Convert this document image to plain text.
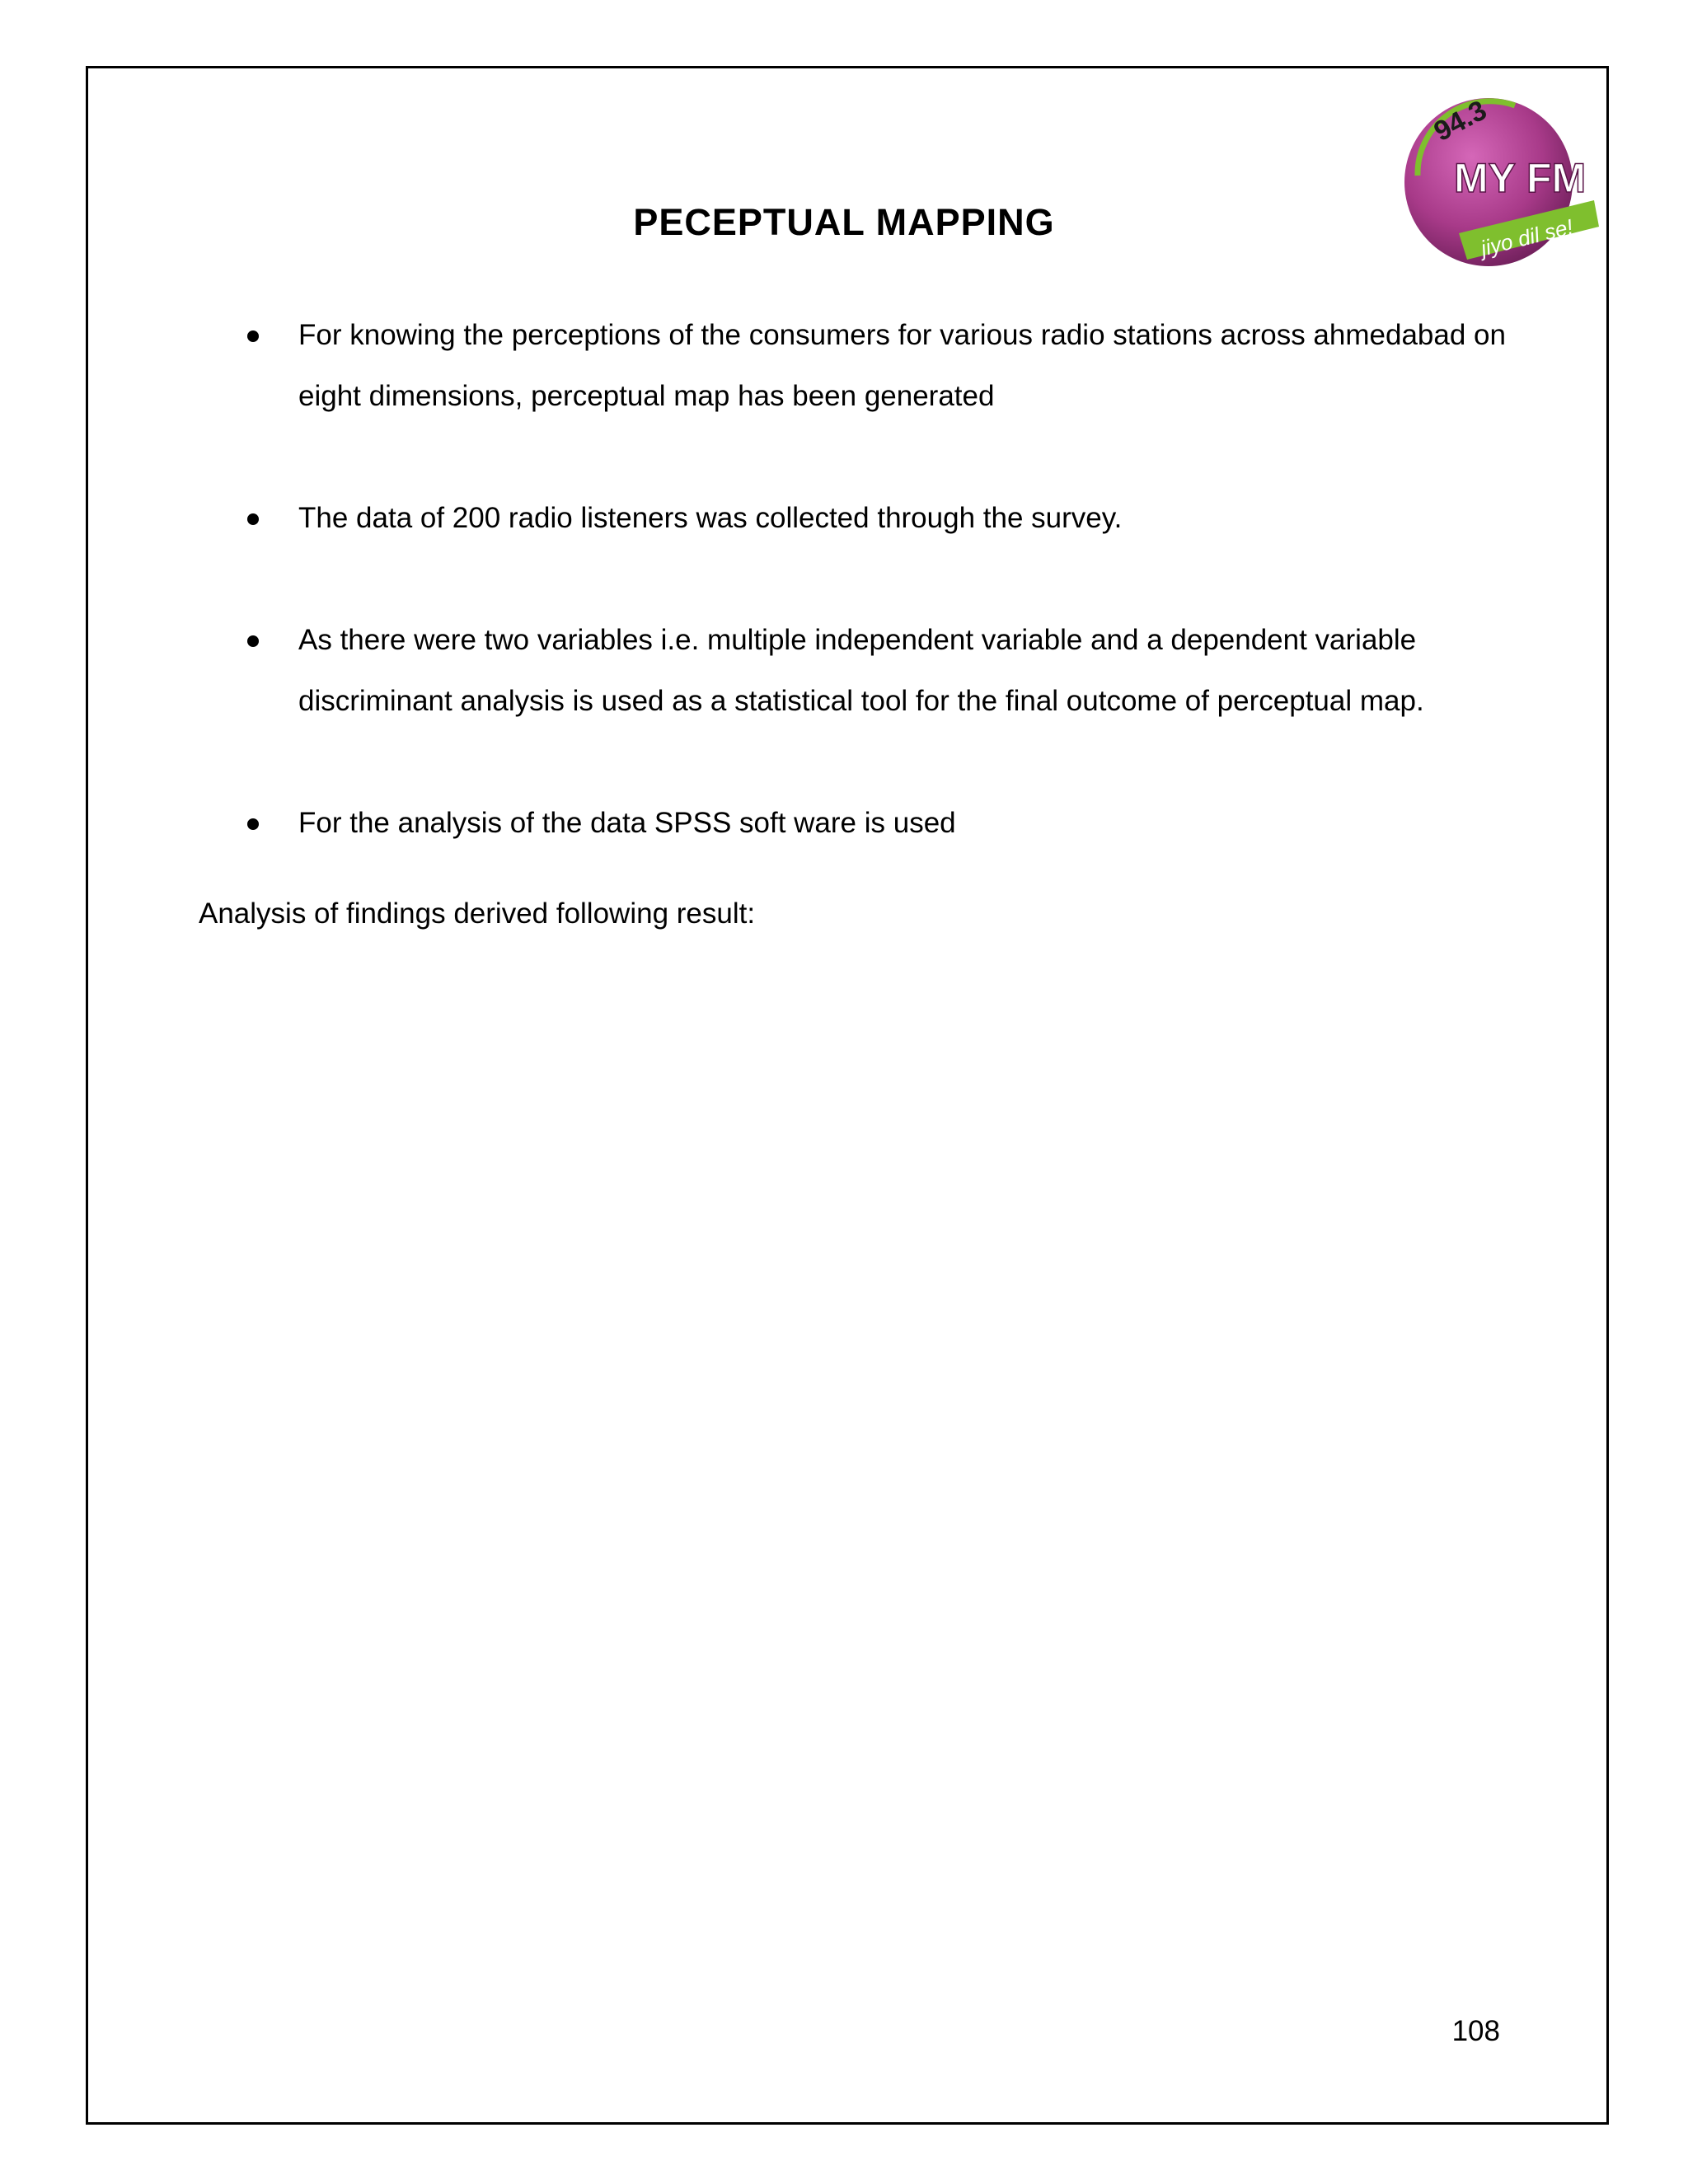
94.3
MY FM
jiyo dil se!
PECEPTUAL MAPPING
For knowing the perceptions of the consumers for various radio stations across ahmedabad on eight dimensions, perceptual map has been generated
The data of 200 radio listeners was collected through the survey.
As there were two variables i.e. multiple independent variable and a dependent variable discriminant analysis is used as a statistical tool for the final outcome of perceptual map.
For the analysis of the data SPSS soft ware is used

Analysis of findings derived following result:

108
